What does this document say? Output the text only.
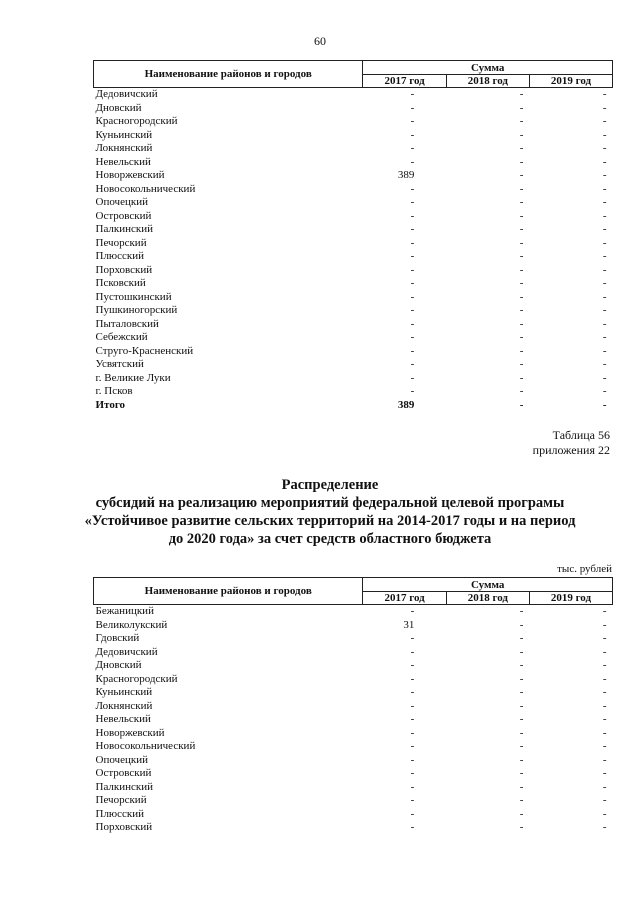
60
Наименование районов и городов	Сумма		
	2017 год	2018 год	2019 год
Дедовичский	-	-	-
Дновский	-	-	-
Красногородский	-	-	-
Куньинский	-	-	-
Локнянский	-	-	-
Невельский	-	-	-
Новоржевский	389	-	-
Новосокольнический	-	-	-
Опочецкий	-	-	-
Островский	-	-	-
Палкинский	-	-	-
Печорский	-	-	-
Плюсский	-	-	-
Порховский	-	-	-
Псковский	-	-	-
Пустошкинский	-	-	-
Пушкиногорский	-	-	-
Пыталовский	-	-	-
Себежский	-	-	-
Струго-Красненский	-	-	-
Усвятский	-	-	-
г. Великие Луки	-	-	-
г. Псков	-	-	-
Итого	389	-	-
Таблица 56
приложения 22
Распределение
субсидий на реализацию мероприятий федеральной целевой програмы
«Устойчивое развитие сельских территорий на 2014-2017 годы и на период
до 2020 года» за счет средств областного бюджета
тыс. рублей
Наименование районов и городов	Сумма		
	2017 год	2018 год	2019 год
Бежаницкий	-	-	-
Великолукский	31	-	-
Гдовский	-	-	-
Дедовичский	-	-	-
Дновский	-	-	-
Красногородский	-	-	-
Куньинский	-	-	-
Локнянский	-	-	-
Невельский	-	-	-
Новоржевский	-	-	-
Новосокольнический	-	-	-
Опочецкий	-	-	-
Островский	-	-	-
Палкинский	-	-	-
Печорский	-	-	-
Плюсский	-	-	-
Порховский	-	-	-
